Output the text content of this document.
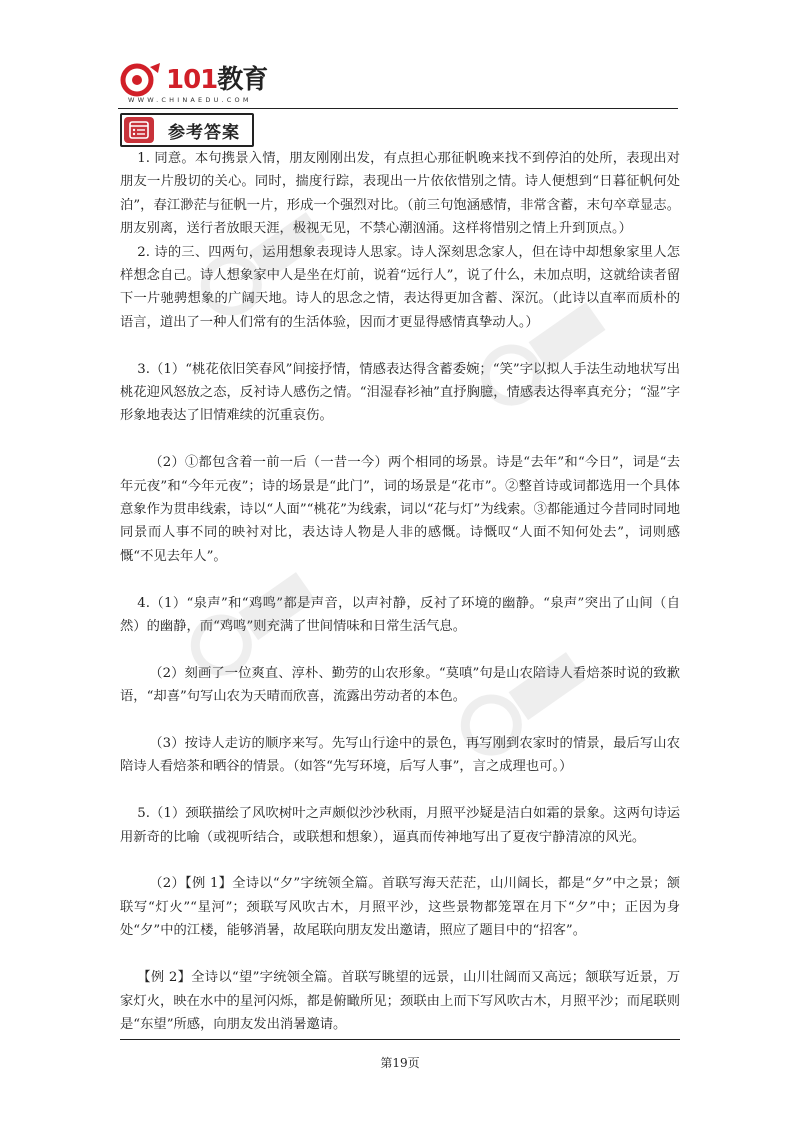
101教育
WWW.CHINAEDU.COM
参考答案

1. 同意。本句携景入情，朋友刚刚出发，有点担心那征帆晚来找不到停泊的处所，表现出对朋友一片殷切的关心。同时，揣度行踪，表现出一片依依惜别之情。诗人便想到“日暮征帆何处泊”，春江渺茫与征帆一片，形成一个强烈对比。（前三句饱涵感情，非常含蓄，末句卒章显志。朋友别离，送行者放眼天涯，极视无见，不禁心潮汹涌。这样将惜别之情上升到顶点。）

2. 诗的三、四两句，运用想象表现诗人思家。诗人深刻思念家人，但在诗中却想象家里人怎样想念自己。诗人想象家中人是坐在灯前，说着“远行人”，说了什么，未加点明，这就给读者留下一片驰骋想象的广阔天地。诗人的思念之情，表达得更加含蓄、深沉。（此诗以直率而质朴的语言，道出了一种人们常有的生活体验，因而才更显得感情真挚动人。）

3.（1）“桃花依旧笑春风”间接抒情，情感表达得含蓄委婉；“笑”字以拟人手法生动地状写出桃花迎风怒放之态，反衬诗人感伤之情。“泪湿春衫袖”直抒胸臆，情感表达得率真充分；“湿”字形象地表达了旧情难续的沉重哀伤。

（2）①都包含着一前一后（一昔一今）两个相同的场景。诗是“去年”和“今日”，词是“去年元夜”和“今年元夜”；诗的场景是“此门”，词的场景是“花市”。②整首诗或词都选用一个具体意象作为贯串线索，诗以“人面”“桃花”为线索，词以“花与灯”为线索。③都能通过今昔同时同地同景而人事不同的映衬对比，表达诗人物是人非的感慨。诗慨叹“人面不知何处去”，词则感慨“不见去年人”。

4.（1）“泉声”和“鸡鸣”都是声音，以声衬静，反衬了环境的幽静。“泉声”突出了山间（自然）的幽静，而“鸡鸣”则充满了世间情味和日常生活气息。

（2）刻画了一位爽直、淳朴、勤劳的山农形象。“莫嗔”句是山农陪诗人看焙茶时说的致歉语，“却喜”句写山农为天晴而欣喜，流露出劳动者的本色。

（3）按诗人走访的顺序来写。先写山行途中的景色，再写刚到农家时的情景，最后写山农陪诗人看焙茶和晒谷的情景。（如答“先写环境，后写人事”，言之成理也可。）

5.（1）颈联描绘了风吹树叶之声颇似沙沙秋雨，月照平沙疑是洁白如霜的景象。这两句诗运用新奇的比喻（或视听结合，或联想和想象），逼真而传神地写出了夏夜宁静清凉的风光。

（2）【例 1】全诗以“夕”字统领全篇。首联写海天茫茫，山川阔长，都是“夕”中之景；颔联写“灯火”“星河”；颈联写风吹古木，月照平沙，这些景物都笼罩在月下“夕”中；正因为身处“夕”中的江楼，能够消暑，故尾联向朋友发出邀请，照应了题目中的“招客”。

【例 2】全诗以“望”字统领全篇。首联写眺望的远景，山川壮阔而又高远；颔联写近景，万家灯火，映在水中的星河闪烁，都是俯瞰所见；颈联由上而下写风吹古木，月照平沙；而尾联则是“东望”所感，向朋友发出消暑邀请。

第19页
